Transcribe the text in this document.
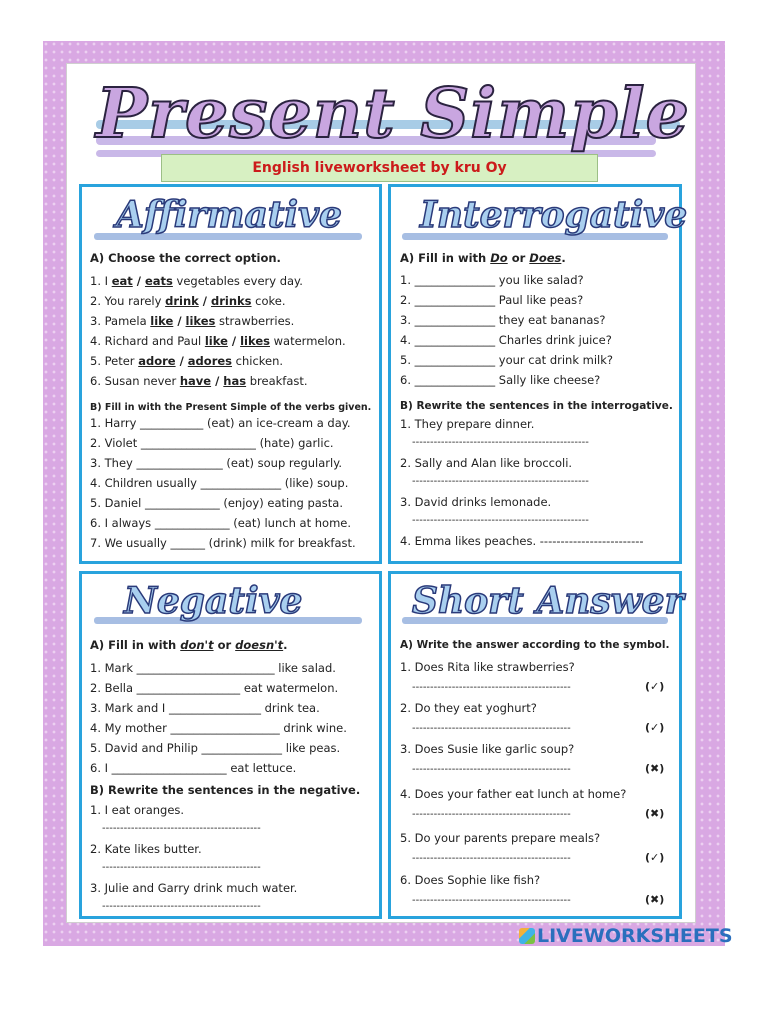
Present Simple
English liveworksheet by kru Oy
Affirmative
A) Choose the correct option.
1. I eat / eats vegetables every day.
2. You rarely drink / drinks coke.
3. Pamela like / likes strawberries.
4. Richard and Paul like / likes watermelon.
5. Peter adore / adores chicken.
6. Susan never have / has breakfast.
B) Fill in with the Present Simple of the verbs given.
1. Harry ___________ (eat) an ice-cream a day.
2. Violet ____________________ (hate) garlic.
3. They _______________ (eat) soup regularly.
4. Children usually ______________ (like) soup.
5. Daniel _____________ (enjoy) eating pasta.
6. I always _____________ (eat) lunch at home.
7. We usually ______ (drink) milk for breakfast.
Interrogative
A) Fill in with Do or Does.
1. ______________ you like salad?
2. ______________ Paul like peas?
3. ______________ they eat bananas?
4. ______________ Charles drink juice?
5. ______________ your cat drink milk?
6. ______________ Sally like cheese?
B) Rewrite the sentences in the interrogative.
1. They prepare dinner.
-------------------------------------------------
2. Sally and Alan like broccoli.
-------------------------------------------------
3. David drinks lemonade.
-------------------------------------------------
4. Emma likes peaches. -------------------------
Negative
A) Fill in with don't or doesn't.
1. Mark ________________________ like salad.
2. Bella __________________ eat watermelon.
3. Mark and I ________________ drink tea.
4. My mother ___________________ drink wine.
5. David and Philip ______________ like peas.
6. I ____________________ eat lettuce.
B) Rewrite the sentences in the negative.
1. I eat oranges.
--------------------------------------------
2. Kate likes butter.
--------------------------------------------
3. Julie and Garry drink much water.
--------------------------------------------
Short Answer
A) Write the answer according to the symbol.
1. Does Rita like strawberries?
--------------------------------------------	(✓)
2. Do they eat yoghurt?
--------------------------------------------	(✓)
3. Does Susie like garlic soup?
--------------------------------------------	(✖)
4. Does your father eat lunch at home?
--------------------------------------------	(✖)
5. Do your parents prepare meals?
--------------------------------------------	(✓)
6. Does Sophie like fish?
--------------------------------------------	(✖)
LIVEWORKSHEETS
